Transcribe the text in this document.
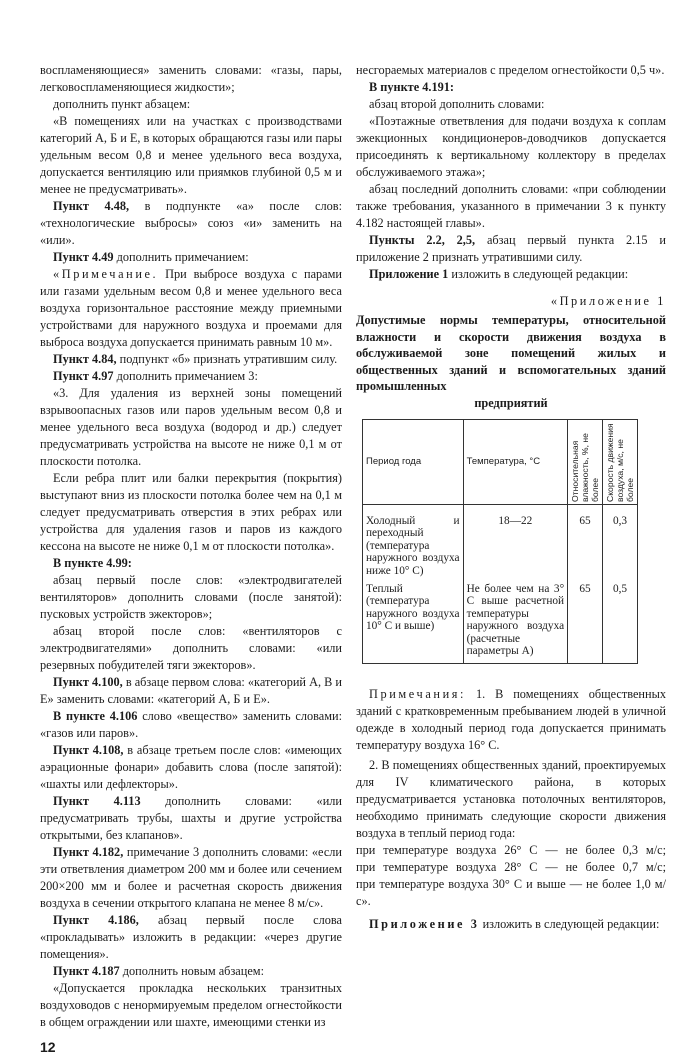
воспламеняющиеся» заменить словами: «газы, пары, легковоспламеняющиеся жидкости»;

дополнить пункт абзацем:

«В помещениях или на участках с производствами категорий А, Б и Е, в которых обращаются газы или пары удельным весом 0,8 и менее удельного веса воздуха, допускается вентиляцию или приямков глубиной 0,5 м и менее не предусматривать».

Пункт 4.48, в подпункте «а» после слов: «технологические выбросы» союз «и» заменить на «или».

Пункт 4.49 дополнить примечанием:

«Примечание. При выбросе воздуха с парами или газами удельным весом 0,8 и менее удельного веса воздуха горизонтальное расстояние между приемными устройствами для наружного воздуха и проемами для выброса воздуха допускается принимать равным 10 м».

Пункт 4.84, подпункт «б» признать утратившим силу.

Пункт 4.97 дополнить примечанием 3:

«3. Для удаления из верхней зоны помещений взрывоопасных газов или паров удельным весом 0,8 и менее удельного веса воздуха (водород и др.) следует предусматривать устройства на высоте не ниже 0,1 м от плоскости потолка.

Если ребра плит или балки перекрытия (покрытия) выступают вниз из плоскости потолка более чем на 0,1 м следует предусматривать отверстия в этих ребрах или устройства для удаления газов и паров из каждого кессона на высоте не ниже 0,1 м от плоскости потолка».

В пункте 4.99:

абзац первый после слов: «электродвигателей вентиляторов» дополнить словами (после занятой): пусковых устройств эжекторов»;

абзац второй после слов: «вентиляторов с электродвигателями» дополнить словами: «или резервных побудителей тяги эжекторов».

Пункт 4.100, в абзаце первом слова: «категорий А, В и Е» заменить словами: «категорий А, Б и Е».

В пункте 4.106 слово «вещество» заменить словами: «газов или паров».

Пункт 4.108, в абзаце третьем после слов: «имеющих аэрационные фонари» добавить слова (после запятой): «шахты или дефлекторы».

Пункт 4.113 дополнить словами: «или предусматривать трубы, шахты и другие устройства открытыми, без клапанов».

Пункт 4.182, примечание 3 дополнить словами: «если эти ответвления диаметром 200 мм и более или сечением 200×200 мм и более и расчетная скорость движения воздуха в сечении открытого клапана не менее 8 м/с».

Пункт 4.186, абзац первый после слова «прокладывать» изложить в редакции: «через другие помещения».

Пункт 4.187 дополнить новым абзацем:

«Допускается прокладка нескольких транзитных воздуховодов с ненормируемым пределом огнестойкости в общем ограждении или шахте, имеющими стенки из

12

несгораемых материалов с пределом огнестойкости 0,5 ч».

В пункте 4.191:

абзац второй дополнить словами:

«Поэтажные ответвления для подачи воздуха к соплам эжекционных кондиционеров-доводчиков допускается присоединять к вертикальному коллектору в пределах обслуживаемого этажа»;

абзац последний дополнить словами: «при соблюдении также требования, указанного в примечании 3 к пункту 4.182 настоящей главы».

Пункты 2.2, 2,5, абзац первый пункта 2.15 и приложение 2 признать утратившими силу.

Приложение 1 изложить в следующей редакции:

«Приложение 1
Допустимые нормы температуры, относительной влажности и скорости движения воздуха в обслуживаемой зоне помещений жилых и общественных зданий и вспомогательных зданий промышленных
предприятий
Период года	Температура, °С	Относительная влажность, %, не более	Скорость движения воздуха, м/с, не более

Холодный и переходный (температура наружного воздуха ниже 10° С)	18—22	65	0,3
Теплый (температура наружного воздуха 10° С и выше)	Не более чем на 3° С выше расчетной температуры наружного воздуха (расчетные параметры А)	65	0,5

Примечания: 1. В помещениях общественных зданий с кратковременным пребыванием людей в уличной одежде в холодный период года допускается принимать температуру воздуха 16° С.

2. В помещениях общественных зданий, проектируемых для IV климатического района, в которых предусматривается установка потолочных вентиляторов, необходимо принимать следующие скорости движения воздуха в теплый период года:

при температуре воздуха 26° С — не более 0,3 м/с;
при температуре воздуха 28° С — не более 0,7 м/с;
при температуре воздуха 30° С и выше — не более 1,0 м/с».

Приложение 3 изложить в следующей редакции:
